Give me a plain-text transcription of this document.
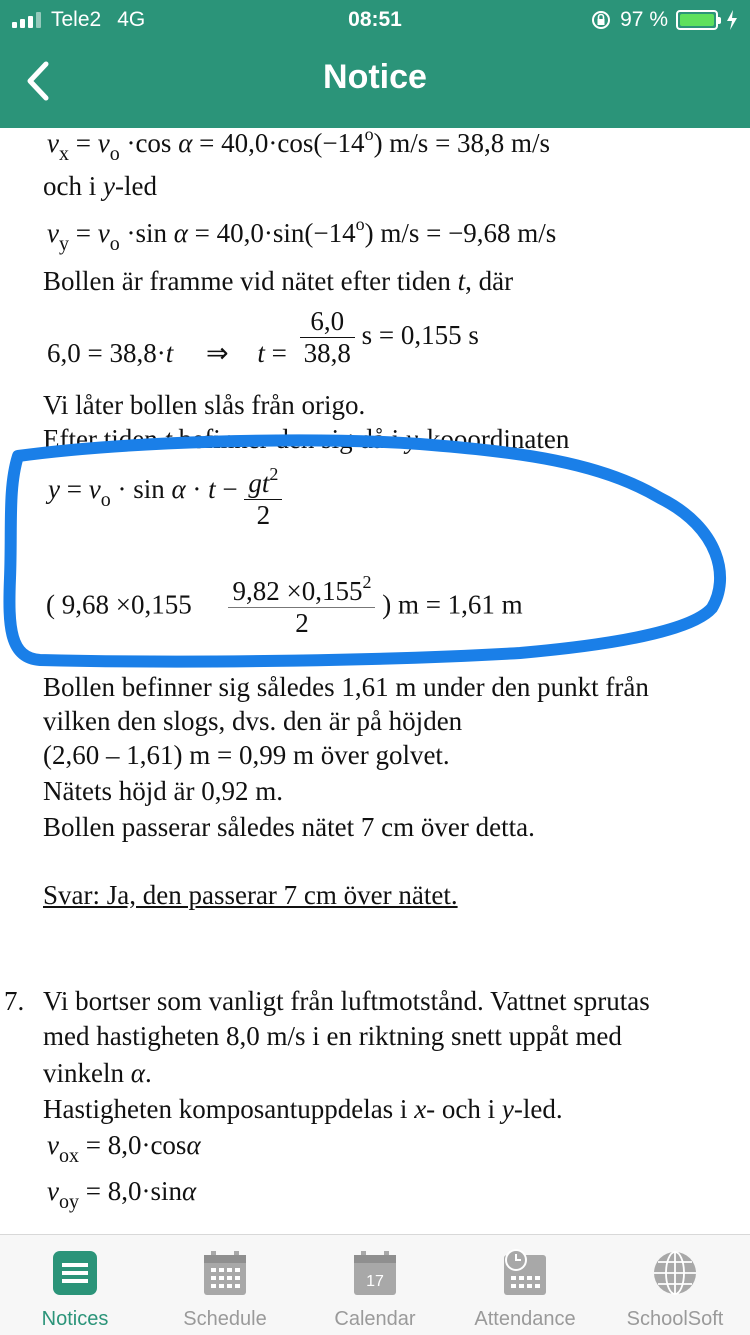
Tele2 4G	08:51	97 %
Notice
$v_x = v_o \cdot\cos$ $\alpha = 40,0\cdot\cos(-14^o) m/s = 38,8$ m/s
och i y-led
$v_y = v_o \cdot\sin$ $\alpha = 40,0\cdot\sin(-14^o) m/s = -9,68$ m/s
Bollen är framme vid nätet efter tiden t, där
6,0 = 38,8·t ⇒ $t = \frac{6,0}{38,8}$ s = 0,155 s
Vi låter bollen slås från origo.
Efter tiden t befinner den sig då i y-kooordinaten
$y = v_o \cdot \sin \alpha \cdot t - \frac{gt^2}{2}$
( $9,68 \times 0,155 \frac{9,82 \times 0,155^2}{2}$ ) m = 1,61 m
Bollen befinner sig således 1,61 m under den punkt från
vilken den slogs, dvs. den är på höjden
(2,60 – 1,61) m = 0,99 m över golvet.
Nätets höjd är 0,92 m.
Bollen passerar således nätet 7 cm över detta.
Svar: Ja, den passerar 7 cm över nätet.
7. Vi bortser som vanligt från luftmotstånd. Vattnet sprutas
med hastigheten 8,0 m/s i en riktning snett uppåt med
vinkeln α.
Hastigheten komposantuppdelas i x- och i y-led.
$v_{ox} = 8,0\cdot\cos\alpha$
$v_{oy} = 8,0\cdot\sin\alpha$
Notices	Schedule
17
Calendar	Attendance	SchoolSoft
